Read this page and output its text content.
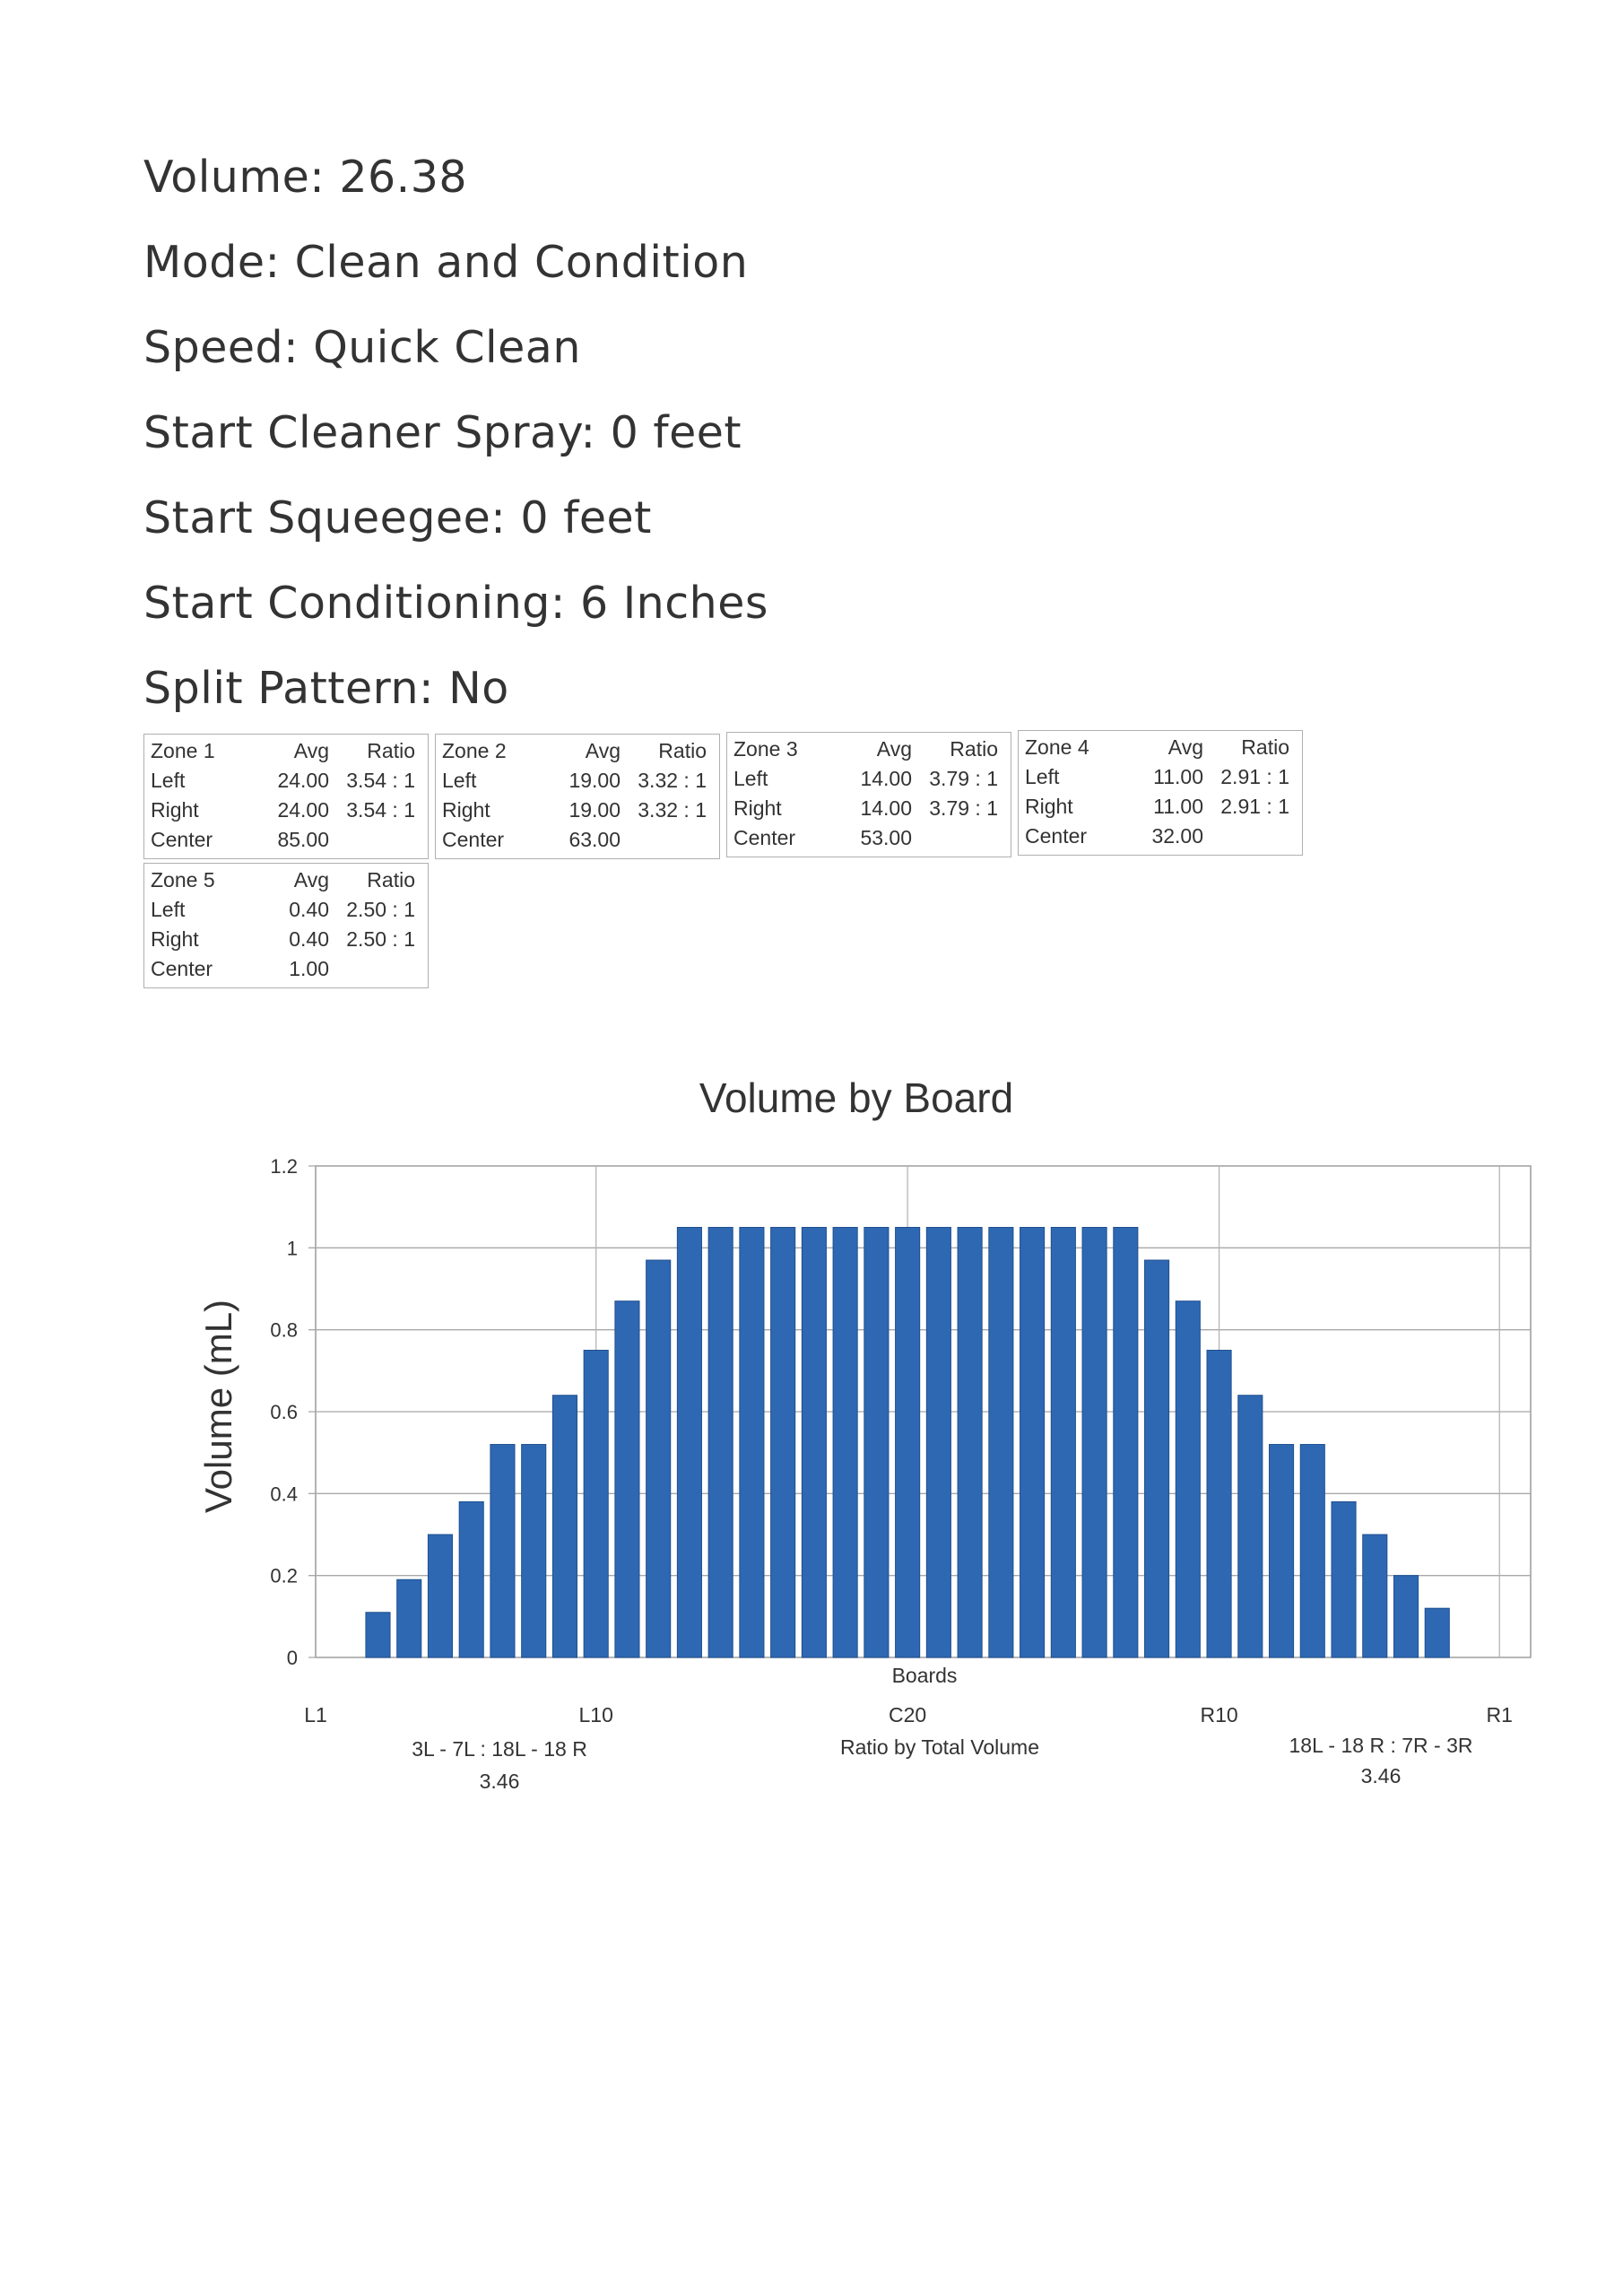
Volume: 26.38
Mode: Clean and Condition
Speed: Quick Clean
Start Cleaner Spray: 0 feet
Start Squeegee: 0 feet
Start Conditioning: 6 Inches
Split Pattern: No
Zone 1	Avg Ratio
Left	24.00 3.54 : 1
Right	24.00 3.54 : 1
Center	85.00
Zone 2	Avg Ratio
Left	19.00 3.32 : 1
Right	19.00 3.32 : 1
Center	63.00
Zone 3	Avg Ratio
Left	14.00 3.79 : 1
Right	14.00 3.79 : 1
Center	53.00
Zone 4	Avg Ratio
Left	11.00 2.91 : 1
Right	11.00 2.91 : 1
Center	32.00
Zone 5	Avg Ratio
Left	0.40 2.50 : 1
Right	0.40 2.50 : 1
Center	1.00
Volume by Board
Volume (mL)
Boards
3L - 7L : 18L - 18 R
3.46
Ratio by Total Volume	18L - 18 R : 7R - 3R
3.46
0
0.2
0.4
0.6
0.8
1
1.2
L1	L10	C20	R10	R1
